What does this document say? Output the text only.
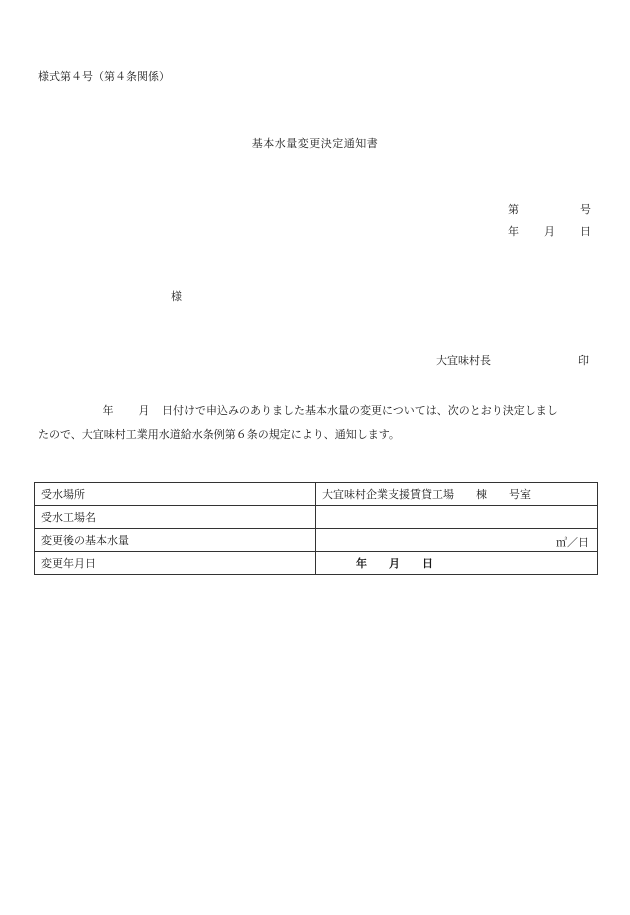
様式第４号（第４条関係）
基本水量変更決定通知書
第	号
年 月 日
様
大宜味村長	印
年 月 日付けで申込みのありました基本水量の変更については、次のとおり決定しまし
たので、大宜味村工業用水道給水条例第６条の規定により、通知します。
受水場所	大宜味村企業支援賃貸工場 棟 号室
受水工場名	
変更後の基本水量	㎥／日

変更年月日	年 月 日
